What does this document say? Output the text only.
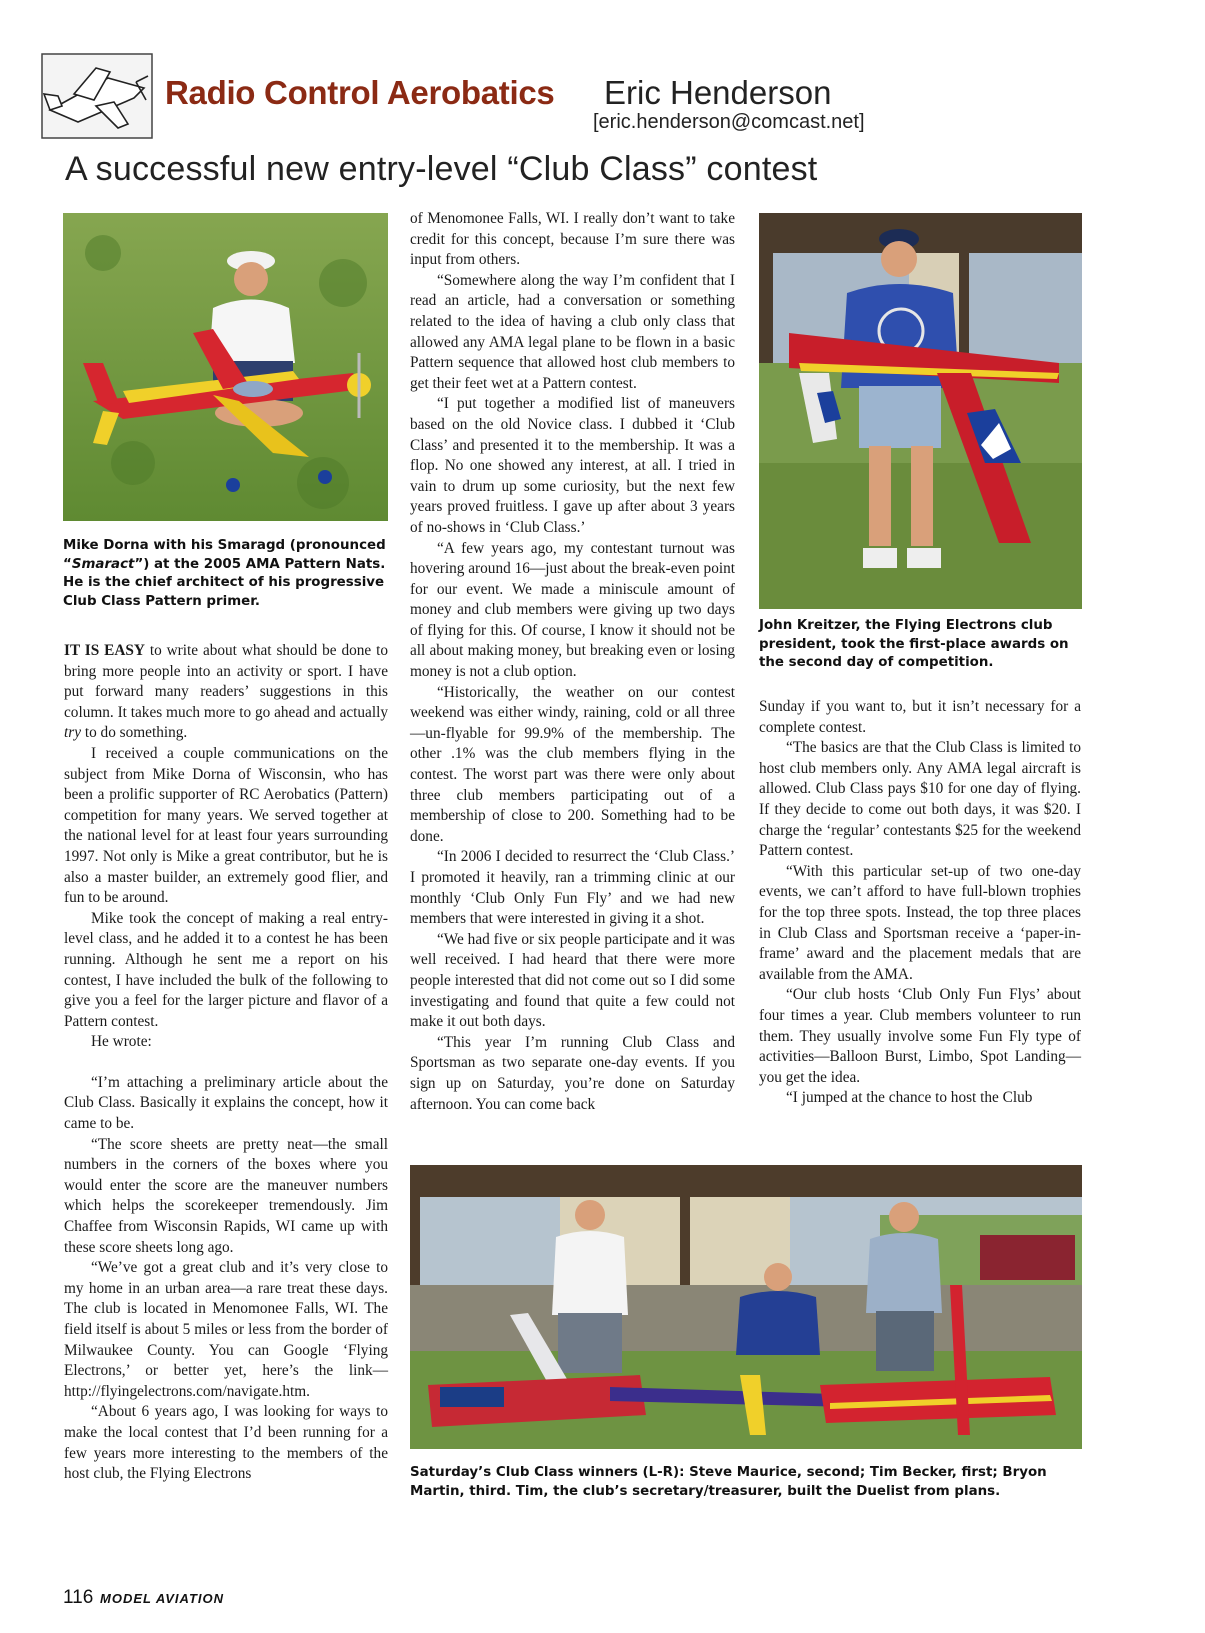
Radio Control Aerobatics Eric Henderson
[eric.henderson@comcast.net]
A successful new entry-level “Club Class” contest
Mike Dorna with his Smaragd (pronounced “Smaract”) at the 2005 AMA Pattern Nats. He is the chief architect of his progressive Club Class Pattern primer.
John Kreitzer, the Flying Electrons club president, took the first-place awards on the second day of competition.
Saturday’s Club Class winners (L-R): Steve Maurice, second; Tim Becker, first; Bryon Martin, third. Tim, the club’s secretary/treasurer, built the Duelist from plans.

IT IS EASY to write about what should be done to bring more people into an activity or sport. I have put forward many readers’ suggestions in this column. It takes much more to go ahead and actually try to do something.

I received a couple communications on the subject from Mike Dorna of Wisconsin, who has been a prolific supporter of RC Aerobatics (Pattern) competition for many years. We served together at the national level for at least four years surrounding 1997. Not only is Mike a great contributor, but he is also a master builder, an extremely good flier, and fun to be around.

Mike took the concept of making a real entry-level class, and he added it to a contest he has been running. Although he sent me a report on his contest, I have included the bulk of the following to give you a feel for the larger picture and flavor of a Pattern contest.

He wrote:

“I’m attaching a preliminary article about the Club Class. Basically it explains the concept, how it came to be.

“The score sheets are pretty neat—the small numbers in the corners of the boxes where you would enter the score are the maneuver numbers which helps the scorekeeper tremendously. Jim Chaffee from Wisconsin Rapids, WI came up with these score sheets long ago.

“We’ve got a great club and it’s very close to my home in an urban area—a rare treat these days. The club is located in Menomonee Falls, WI. The field itself is about 5 miles or less from the border of Milwaukee County. You can Google ‘Flying Electrons,’ or better yet, here’s the link—http://flyingelectrons.com/navigate.htm.

“About 6 years ago, I was looking for ways to make the local contest that I’d been running for a few years more interesting to the members of the host club, the Flying Electrons

of Menomonee Falls, WI. I really don’t want to take credit for this concept, because I’m sure there was input from others.

“Somewhere along the way I’m confident that I read an article, had a conversation or something related to the idea of having a club only class that allowed any AMA legal plane to be flown in a basic Pattern sequence that allowed host club members to get their feet wet at a Pattern contest.

“I put together a modified list of maneuvers based on the old Novice class. I dubbed it ‘Club Class’ and presented it to the membership. It was a flop. No one showed any interest, at all. I tried in vain to drum up some curiosity, but the next few years proved fruitless. I gave up after about 3 years of no-shows in ‘Club Class.’

“A few years ago, my contestant turnout was hovering around 16—just about the break-even point for our event. We made a miniscule amount of money and club members were giving up two days of flying for this. Of course, I know it should not be all about making money, but breaking even or losing money is not a club option.

“Historically, the weather on our contest weekend was either windy, raining, cold or all three—un-flyable for 99.9% of the membership. The other .1% was the club members flying in the contest. The worst part was there were only about three club members participating out of a membership of close to 200. Something had to be done.

“In 2006 I decided to resurrect the ‘Club Class.’ I promoted it heavily, ran a trimming clinic at our monthly ‘Club Only Fun Fly’ and we had new members that were interested in giving it a shot.

“We had five or six people participate and it was well received. I had heard that there were more people interested that did not come out so I did some investigating and found that quite a few could not make it out both days.

“This year I’m running Club Class and Sportsman as two separate one-day events. If you sign up on Saturday, you’re done on Saturday afternoon. You can come back

Sunday if you want to, but it isn’t necessary for a complete contest.

“The basics are that the Club Class is limited to host club members only. Any AMA legal aircraft is allowed. Club Class pays $10 for one day of flying. If they decide to come out both days, it was $20. I charge the ‘regular’ contestants $25 for the weekend Pattern contest.

“With this particular set-up of two one-day events, we can’t afford to have full-blown trophies for the top three spots. Instead, the top three places in Club Class and Sportsman receive a ‘paper-in-frame’ award and the placement medals that are available from the AMA.

“Our club hosts ‘Club Only Fun Flys’ about four times a year. Club members volunteer to run them. They usually involve some Fun Fly type of activities—Balloon Burst, Limbo, Spot Landing—you get the idea.

“I jumped at the chance to host the Club

116 MODEL AVIATION
